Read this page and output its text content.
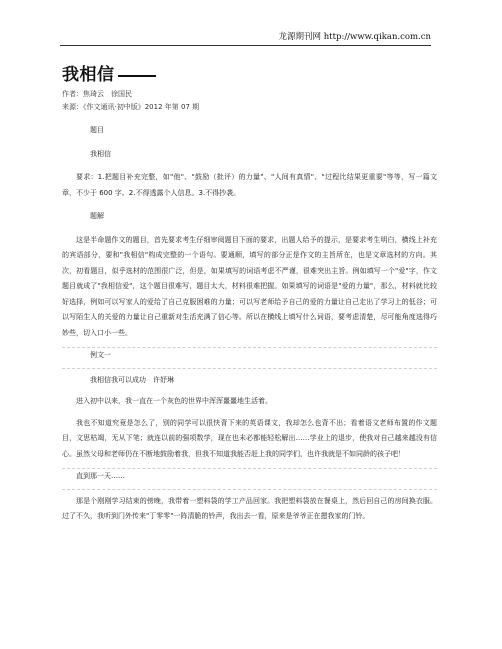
龙源期刊网 http://www.qikan.com.cn
我相信
作者：焦琦云　徐国民
来源：《作文通讯·初中版》2012 年第 07 期

题目

我相信

要求：1.把题目补充完整，如"他"、"鼓励（批评）的力量"、"人间有真情"、"过程比结果更重要"等等，写一篇文章，不少于 600 字。2.不得透露个人信息。3.不得抄袭。

题解

这是半命题作文的题目，首先要求考生仔细审阅题目下面的要求，出题人给予的提示，是要求考生明白，横线上补充的宾语部分，要和"我相信"构成完整的一个语句。要通顺，填写的部分正是作文的主旨所在，也是文章选材的方向。其次，初看题目，似乎选材的范围很广泛，但是，如果填写的词语考虑不严谨，很难突出主旨。例如填写一个"爱"字，作文题目就成了"我相信爱"，这个题目很难写，题目太大，材料很难把握。如果填写的词语是"爱的力量"，那么，材料就比较好选择，例如可以写家人的爱给了自己克服困难的力量；可以写老师给予自己的爱的力量让自己走出了学习上的低谷；可以写陌生人的关爱的力量让自己重新对生活充满了信心等。所以在横线上填写什么词语，要考虑清楚，尽可能角度选得巧妙些，切入口小一些。

例文一

我相信我可以成功　许妤琳

进入初中以来，我一直在一个灰色的世界中浑浑噩噩地生活着。

我也不知道究竟是怎么了，别的同学可以很快背下来的英语课文，我却怎么也背不出；看着语文老师布置的作文题目，文思枯竭，无从下笔；就连以前的强项数学，现在也未必都能轻松解出……学业上的退步，使我对自己越来越没有信心。虽然父母和老师仍在不断地鼓励着我，但我不知道我能否赶上我的同学们，也许我就是不如同龄的孩子吧！

直到那一天……

那是个刚刚学习结束的傍晚，我带着一塑料袋的学工产品回家。我把塑料袋放在餐桌上，然后回自己的房间换衣服。过了不久，我听到门外传来"丁零零"一阵清脆的铃声，我出去一看，原来是爷爷正在摁我家的门铃。
